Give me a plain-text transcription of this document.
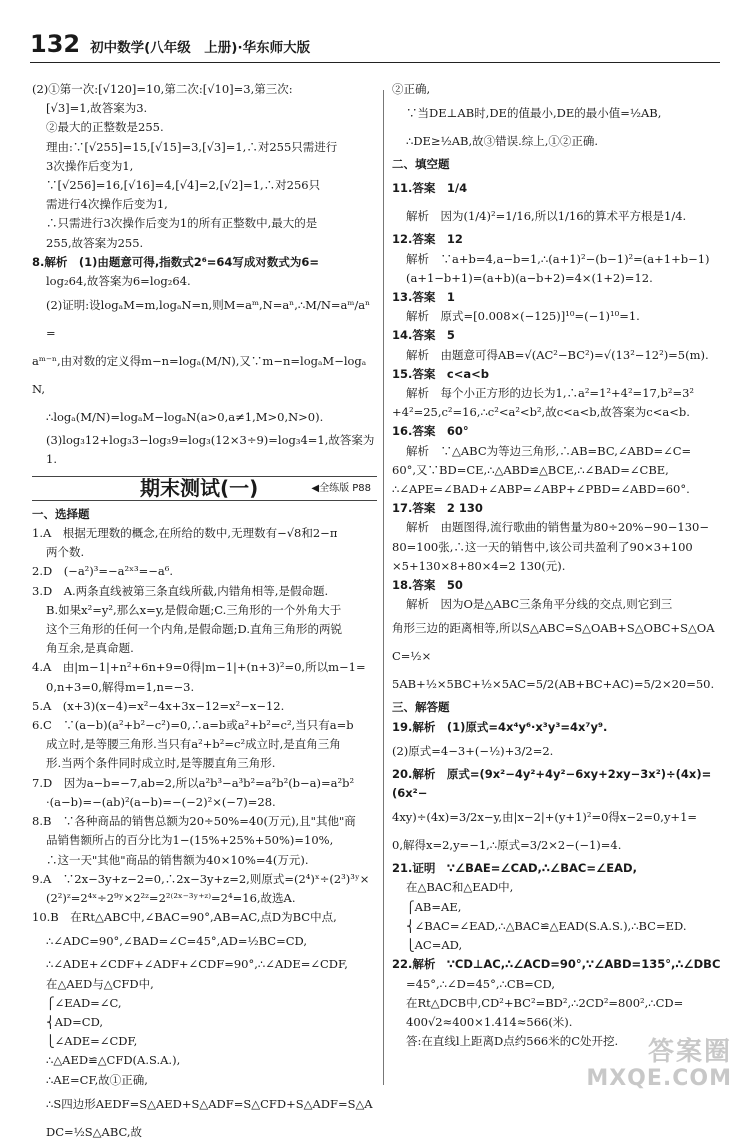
132 初中数学(八年级　上册)·华东师大版
(2)①第一次:[√120]=10,第二次:[√10]=3,第三次:
[√3]=1,故答案为3.
②最大的正整数是255.
理由:∵[√255]=15,[√15]=3,[√3]=1,∴对255只需进行
3次操作后变为1,
∵[√256]=16,[√16]=4,[√4]=2,[√2]=1,∴对256只
需进行4次操作后变为1,
∴只需进行3次操作后变为1的所有正整数中,最大的是
255,故答案为255.
8.解析　(1)由题意可得,指数式2⁶=64写成对数式为6=
log₂64,故答案为6=log₂64.
(2)证明:设logₐM=m,logₐN=n,则M=aᵐ,N=aⁿ,∴M/N=aᵐ/aⁿ=
aᵐ⁻ⁿ,由对数的定义得m−n=logₐ(M/N),又∵m−n=logₐM−logₐN,
∴logₐ(M/N)=logₐM−logₐN(a>0,a≠1,M>0,N>0).
(3)log₃12+log₃3−log₃9=log₃(12×3÷9)=log₃4=1,故答案为1.
期末测试(一)	◀全练版 P88
一、选择题
1.A　根据无理数的概念,在所给的数中,无理数有−√8和2−π
两个数.
2.D　(−a²)³=−a²ˣ³=−a⁶.
3.D　A.两条直线被第三条直线所截,内错角相等,是假命题.
B.如果x²=y²,那么x=y,是假命题;C.三角形的一个外角大于
这个三角形的任何一个内角,是假命题;D.直角三角形的两锐
角互余,是真命题.
4.A　由|m−1|+n²+6n+9=0得|m−1|+(n+3)²=0,所以m−1=
0,n+3=0,解得m=1,n=−3.
5.A　(x+3)(x−4)=x²−4x+3x−12=x²−x−12.
6.C　∵(a−b)(a²+b²−c²)=0,∴a=b或a²+b²=c²,当只有a=b
成立时,是等腰三角形.当只有a²+b²=c²成立时,是直角三角
形.当两个条件同时成立时,是等腰直角三角形.
7.D　因为a−b=−7,ab=2,所以a²b³−a³b²=a²b²(b−a)=a²b²
·(a−b)=−(ab)²(a−b)=−(−2)²×(−7)=28.
8.B　∵各种商品的销售总额为20÷50%=40(万元),且"其他"商
品销售额所占的百分比为1−(15%+25%+50%)=10%,
∴这一天"其他"商品的销售额为40×10%=4(万元).
9.A　∵2x−3y+z−2=0,∴2x−3y+z=2,则原式=(2⁴)ˣ÷(2³)³ʸ×
(2²)ᶻ=2⁴ˣ÷2⁹ʸ×2²ᶻ=2²⁽²ˣ⁻³ʸ⁺ᶻ⁾=2⁴=16,故选A.
10.B　在Rt△ABC中,∠BAC=90°,AB=AC,点D为BC中点,
∴∠ADC=90°,∠BAD=∠C=45°,AD=½BC=CD,
∴∠ADE+∠CDF+∠ADF+∠CDF=90°,∴∠ADE=∠CDF,
在△AED与△CFD中,
⎧∠EAD=∠C,
⎨AD=CD,
⎩∠ADE=∠CDF,
∴△AED≌△CFD(A.S.A.),
∴AE=CF,故①正确,
∴S四边形AEDF=S△AED+S△ADF=S△CFD+S△ADF=S△ADC=½S△ABC,故
②正确,
∵当DE⊥AB时,DE的值最小,DE的最小值=½AB,
∴DE≥½AB,故③错误.综上,①②正确.
二、填空题
11.答案　1/4
解析　因为(1/4)²=1/16,所以1/16的算术平方根是1/4.
12.答案　12
解析　∵a+b=4,a−b=1,∴(a+1)²−(b−1)²=(a+1+b−1)
(a+1−b+1)=(a+b)(a−b+2)=4×(1+2)=12.
13.答案　1
解析　原式=[0.008×(−125)]¹⁰=(−1)¹⁰=1.
14.答案　5
解析　由题意可得AB=√(AC²−BC²)=√(13²−12²)=5(m).
15.答案　c<a<b
解析　每个小正方形的边长为1,∴a²=1²+4²=17,b²=3²
+4²=25,c²=16,∴c²<a²<b²,故c<a<b,故答案为c<a<b.
16.答案　60°
解析　∵△ABC为等边三角形,∴AB=BC,∠ABD=∠C=
60°,又∵BD=CE,∴△ABD≌△BCE,∴∠BAD=∠CBE,
∴∠APE=∠BAD+∠ABP=∠ABP+∠PBD=∠ABD=60°.
17.答案　2 130
解析　由题图得,流行歌曲的销售量为80÷20%−90−130−
80=100张,∴这一天的销售中,该公司共盈利了90×3+100
×5+130×8+80×4=2 130(元).
18.答案　50
解析　因为O是△ABC三条角平分线的交点,则它到三
角形三边的距离相等,所以S△ABC=S△OAB+S△OBC+S△OAC=½×
5AB+½×5BC+½×5AC=5/2(AB+BC+AC)=5/2×20=50.
三、解答题
19.解析　(1)原式=4x⁴y⁶·x³y³=4x⁷y⁹.
(2)原式=4−3+(−½)+3/2=2.
20.解析　原式=(9x²−4y²+4y²−6xy+2xy−3x²)÷(4x)=(6x²−
4xy)÷(4x)=3/2x−y,由|x−2|+(y+1)²=0得x−2=0,y+1=
0,解得x=2,y=−1,∴原式=3/2×2−(−1)=4.
21.证明　∵∠BAE=∠CAD,∴∠BAC=∠EAD,
在△BAC和△EAD中,
⎧AB=AE,
⎨∠BAC=∠EAD,∴△BAC≌△EAD(S.A.S.),∴BC=ED.
⎩AC=AD,
22.解析　∵CD⊥AC,∴∠ACD=90°,∵∠ABD=135°,∴∠DBC
=45°,∴∠D=45°,∴CB=CD,
在Rt△DCB中,CD²+BC²=BD²,∴2CD²=800²,∴CD=
400√2≈400×1.414≈566(米).
答:在直线l上距离D点约566米的C处开挖.	答案圈
MXQE.COM
